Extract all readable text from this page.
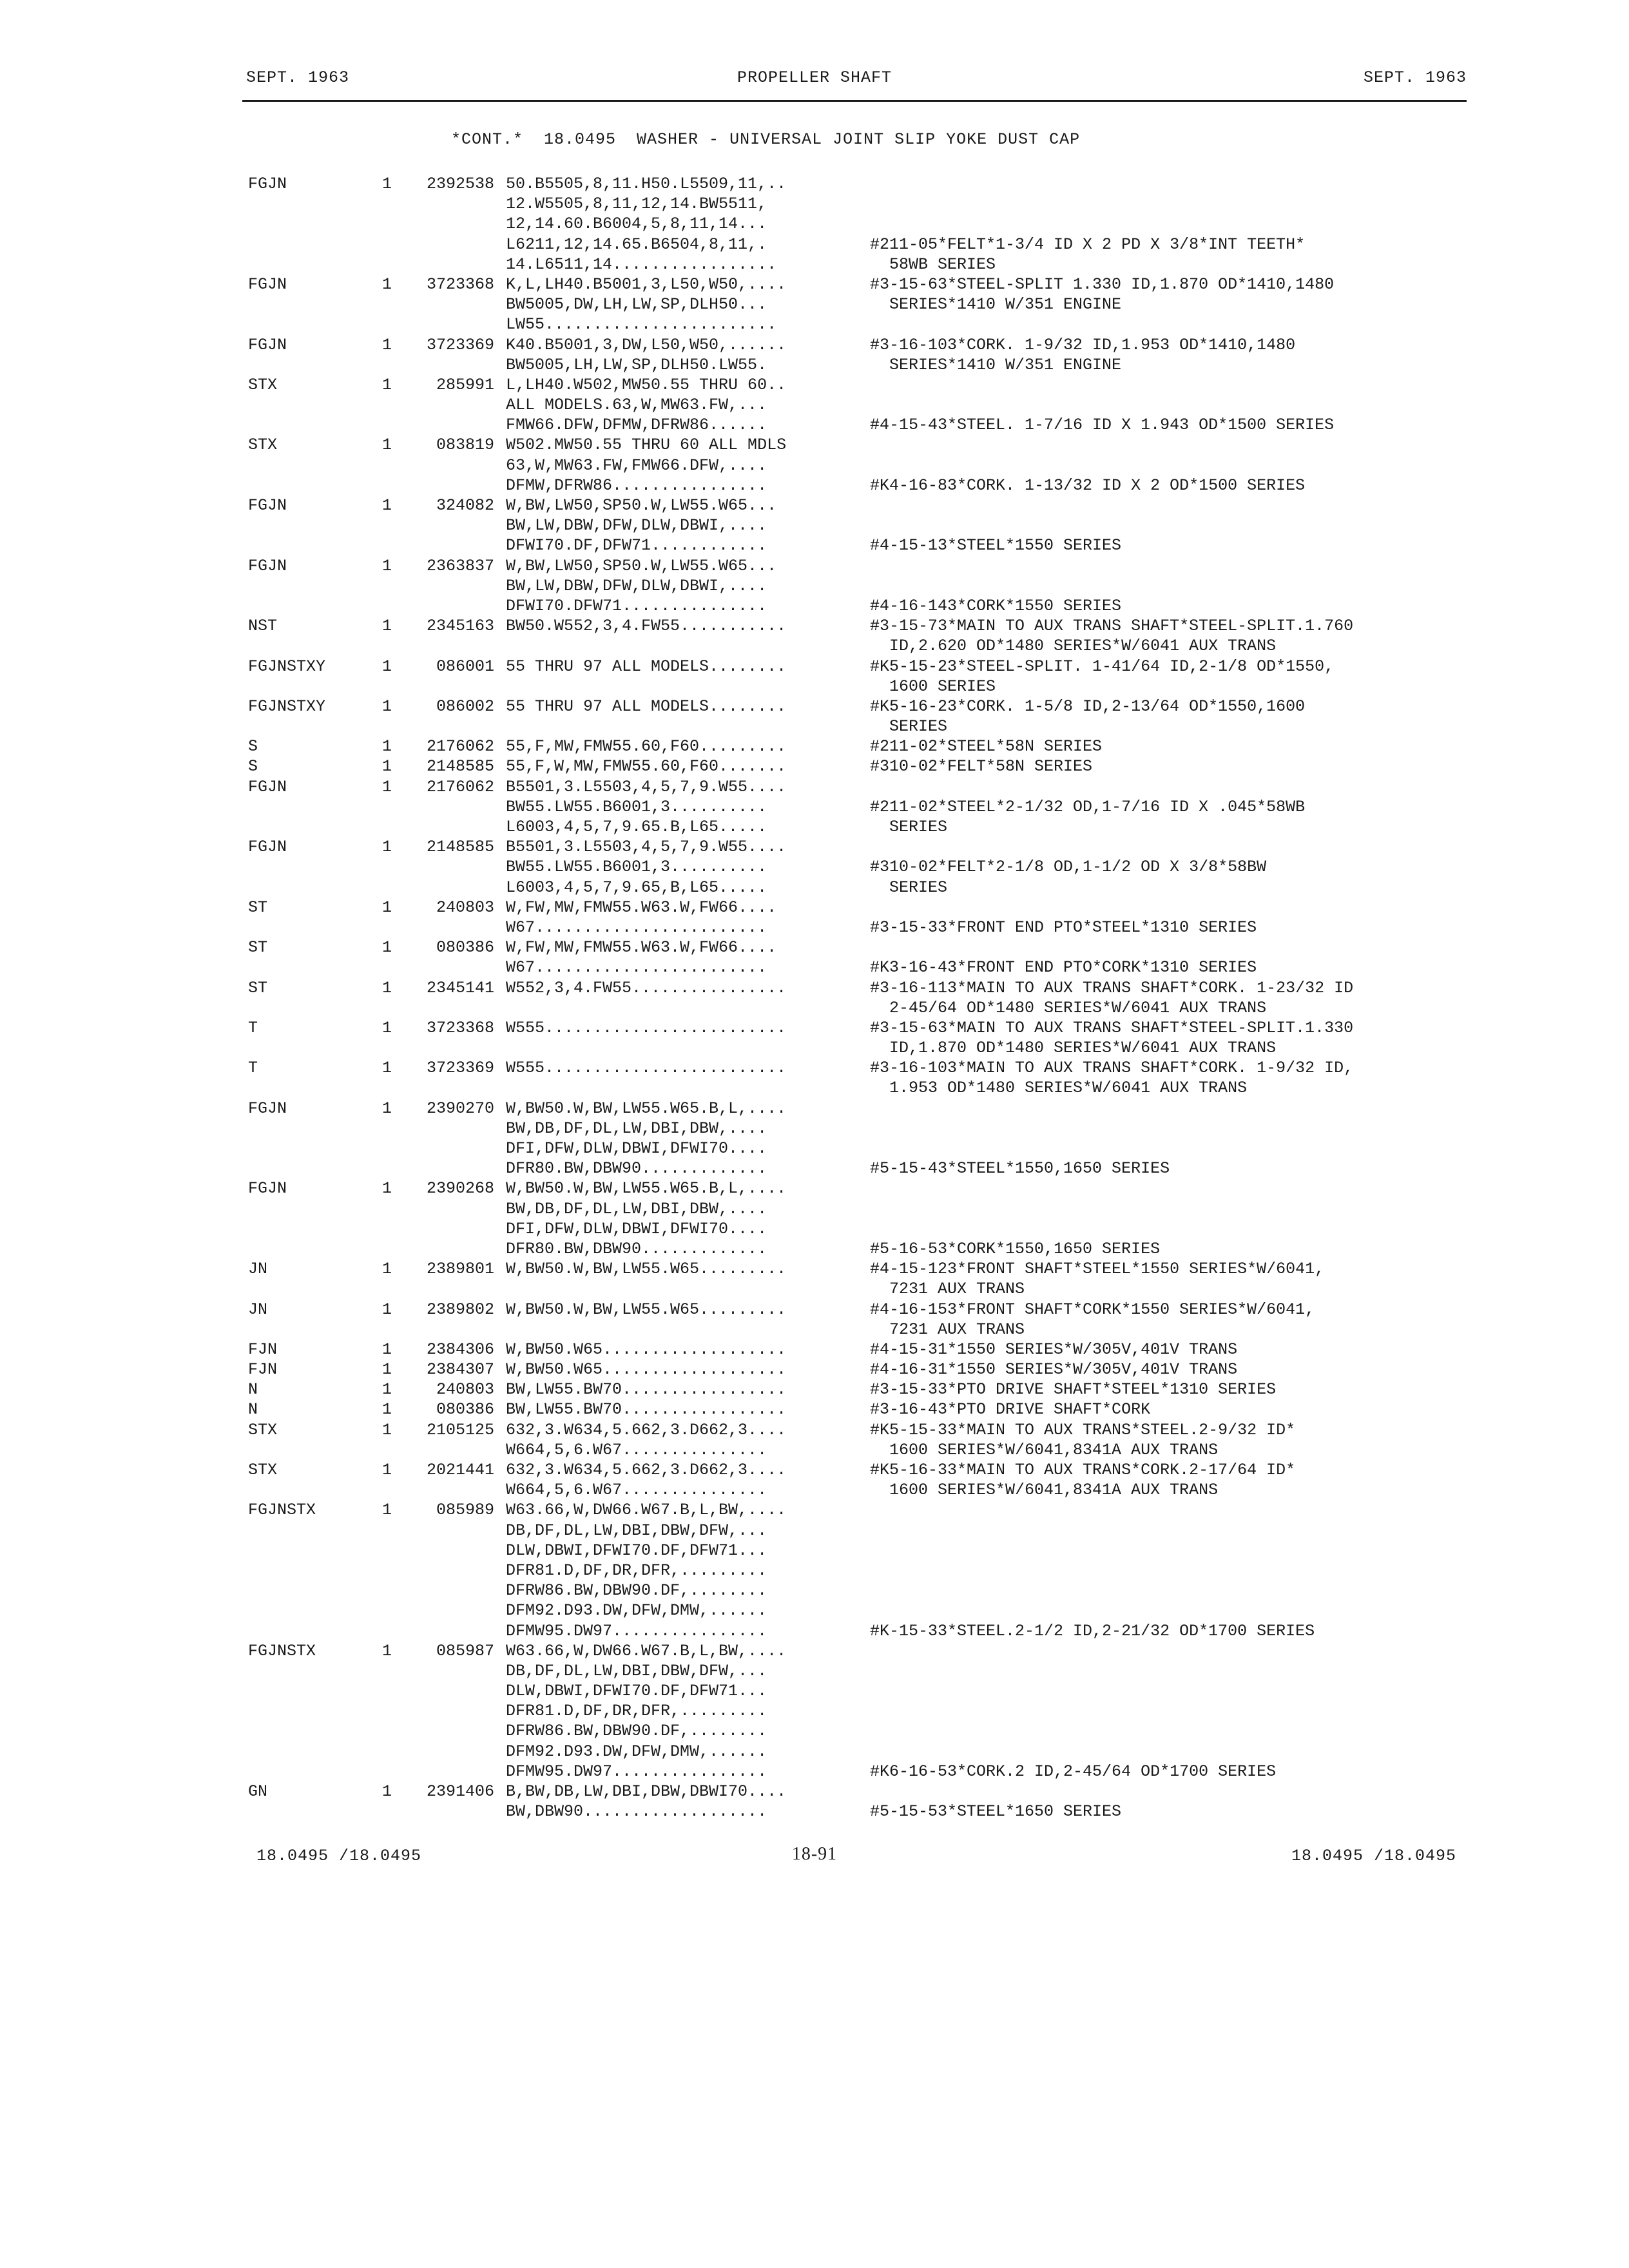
SEPT. 1963	PROPELLER SHAFT	SEPT. 1963
*CONT.*  18.0495  WASHER - UNIVERSAL JOINT SLIP YOKE DUST CAP
FGJN	1	2392538 50.B5505,8,11.H50.L5509,11,..
12.W5505,8,11,12,14.BW5511,
12,14.60.B6004,5,8,11,14...
L6211,12,14.65.B6504,8,11,.	#211-05*FELT*1-3/4 ID X 2 PD X 3/8*INT TEETH*
14.L6511,14.................	58WB SERIES
FGJN	1	3723368 K,L,LH40.B5001,3,L50,W50,....	#3-15-63*STEEL-SPLIT 1.330 ID,1.870 OD*1410,1480
BW5005,DW,LH,LW,SP,DLH50...	SERIES*1410 W/351 ENGINE
LW55........................
FGJN	1	3723369 K40.B5001,3,DW,L50,W50,......	#3-16-103*CORK. 1-9/32 ID,1.953 OD*1410,1480
BW5005,LH,LW,SP,DLH50.LW55.	SERIES*1410 W/351 ENGINE
STX	1	285991 L,LH40.W502,MW50.55 THRU 60..
ALL MODELS.63,W,MW63.FW,...
FMW66.DFW,DFMW,DFRW86......	#4-15-43*STEEL. 1-7/16 ID X 1.943 OD*1500 SERIES
STX	1	083819 W502.MW50.55 THRU 60 ALL MDLS
63,W,MW63.FW,FMW66.DFW,....
DFMW,DFRW86................	#K4-16-83*CORK. 1-13/32 ID X 2 OD*1500 SERIES
FGJN	1	324082 W,BW,LW50,SP50.W,LW55.W65...
BW,LW,DBW,DFW,DLW,DBWI,....
DFWI70.DF,DFW71............	#4-15-13*STEEL*1550 SERIES
FGJN	1	2363837 W,BW,LW50,SP50.W,LW55.W65...
BW,LW,DBW,DFW,DLW,DBWI,....
DFWI70.DFW71...............	#4-16-143*CORK*1550 SERIES
NST	1	2345163 BW50.W552,3,4.FW55...........	#3-15-73*MAIN TO AUX TRANS SHAFT*STEEL-SPLIT.1.760
ID,2.620 OD*1480 SERIES*W/6041 AUX TRANS
FGJNSTXY	1	086001 55 THRU 97 ALL MODELS........	#K5-15-23*STEEL-SPLIT. 1-41/64 ID,2-1/8 OD*1550,
1600 SERIES
FGJNSTXY	1	086002 55 THRU 97 ALL MODELS........	#K5-16-23*CORK. 1-5/8 ID,2-13/64 OD*1550,1600
SERIES
S	1	2176062 55,F,MW,FMW55.60,F60.........	#211-02*STEEL*58N SERIES
S	1	2148585 55,F,W,MW,FMW55.60,F60.......	#310-02*FELT*58N SERIES
FGJN	1	2176062 B5501,3.L5503,4,5,7,9.W55....
BW55.LW55.B6001,3..........	#211-02*STEEL*2-1/32 OD,1-7/16 ID X .045*58WB
L6003,4,5,7,9.65.B,L65.....	SERIES
FGJN	1	2148585 B5501,3.L5503,4,5,7,9.W55....
BW55.LW55.B6001,3..........	#310-02*FELT*2-1/8 OD,1-1/2 OD X 3/8*58BW
L6003,4,5,7,9.65,B,L65.....	SERIES
ST	1	240803 W,FW,MW,FMW55.W63.W,FW66....
W67........................	#3-15-33*FRONT END PTO*STEEL*1310 SERIES
ST	1	080386 W,FW,MW,FMW55.W63.W,FW66....
W67........................	#K3-16-43*FRONT END PTO*CORK*1310 SERIES
ST	1	2345141 W552,3,4.FW55................	#3-16-113*MAIN TO AUX TRANS SHAFT*CORK. 1-23/32 ID
2-45/64 OD*1480 SERIES*W/6041 AUX TRANS
T	1	3723368 W555.........................	#3-15-63*MAIN TO AUX TRANS SHAFT*STEEL-SPLIT.1.330
ID,1.870 OD*1480 SERIES*W/6041 AUX TRANS
T	1	3723369 W555.........................	#3-16-103*MAIN TO AUX TRANS SHAFT*CORK. 1-9/32 ID,
1.953 OD*1480 SERIES*W/6041 AUX TRANS
FGJN	1	2390270 W,BW50.W,BW,LW55.W65.B,L,....
BW,DB,DF,DL,LW,DBI,DBW,....
DFI,DFW,DLW,DBWI,DFWI70....
DFR80.BW,DBW90.............	#5-15-43*STEEL*1550,1650 SERIES
FGJN	1	2390268 W,BW50.W,BW,LW55.W65.B,L,....
BW,DB,DF,DL,LW,DBI,DBW,....
DFI,DFW,DLW,DBWI,DFWI70....
DFR80.BW,DBW90.............	#5-16-53*CORK*1550,1650 SERIES
JN	1	2389801 W,BW50.W,BW,LW55.W65.........	#4-15-123*FRONT SHAFT*STEEL*1550 SERIES*W/6041,
7231 AUX TRANS
JN	1	2389802 W,BW50.W,BW,LW55.W65.........	#4-16-153*FRONT SHAFT*CORK*1550 SERIES*W/6041,
7231 AUX TRANS
FJN	1	2384306 W,BW50.W65...................	#4-15-31*1550 SERIES*W/305V,401V TRANS
FJN	1	2384307 W,BW50.W65...................	#4-16-31*1550 SERIES*W/305V,401V TRANS
N	1	240803 BW,LW55.BW70.................	#3-15-33*PTO DRIVE SHAFT*STEEL*1310 SERIES
N	1	080386 BW,LW55.BW70.................	#3-16-43*PTO DRIVE SHAFT*CORK
STX	1	2105125 632,3.W634,5.662,3.D662,3....	#K5-15-33*MAIN TO AUX TRANS*STEEL.2-9/32 ID*
W664,5,6.W67...............	1600 SERIES*W/6041,8341A AUX TRANS
STX	1	2021441 632,3.W634,5.662,3.D662,3....	#K5-16-33*MAIN TO AUX TRANS*CORK.2-17/64 ID*
W664,5,6.W67...............	1600 SERIES*W/6041,8341A AUX TRANS
FGJNSTX	1	085989 W63.66,W,DW66.W67.B,L,BW,....
DB,DF,DL,LW,DBI,DBW,DFW,...
DLW,DBWI,DFWI70.DF,DFW71...
DFR81.D,DF,DR,DFR,.........
DFRW86.BW,DBW90.DF,........
DFM92.D93.DW,DFW,DMW,......
DFMW95.DW97................	#K-15-33*STEEL.2-1/2 ID,2-21/32 OD*1700 SERIES
FGJNSTX	1	085987 W63.66,W,DW66.W67.B,L,BW,....
DB,DF,DL,LW,DBI,DBW,DFW,...
DLW,DBWI,DFWI70.DF,DFW71...
DFR81.D,DF,DR,DFR,.........
DFRW86.BW,DBW90.DF,........
DFM92.D93.DW,DFW,DMW,......
DFMW95.DW97................	#K6-16-53*CORK.2 ID,2-45/64 OD*1700 SERIES
GN	1	2391406 B,BW,DB,LW,DBI,DBW,DBWI70....
BW,DBW90...................	#5-15-53*STEEL*1650 SERIES
18.0495 /18.0495	18-91	18.0495 /18.0495
